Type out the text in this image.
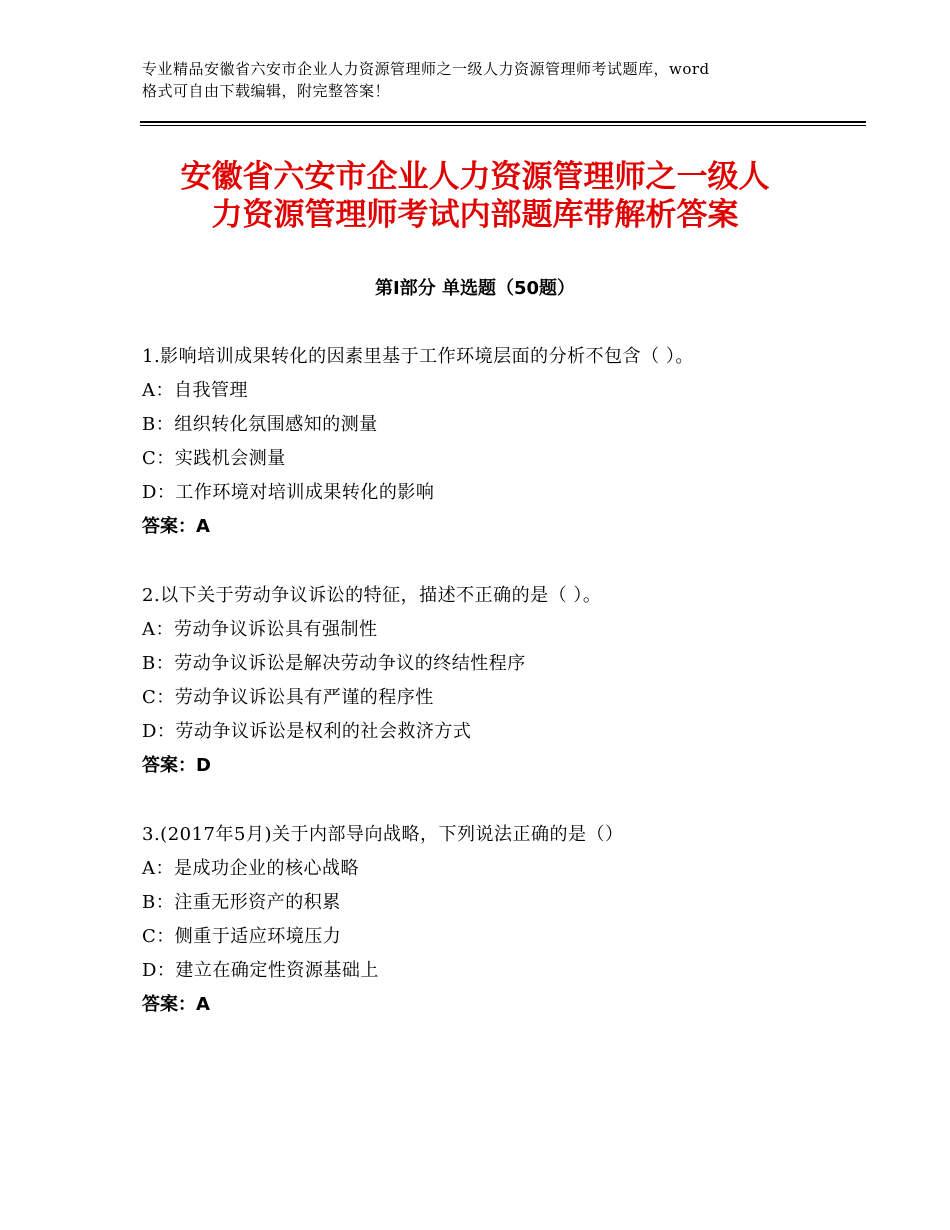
专业精品安徽省六安市企业人力资源管理师之一级人力资源管理师考试题库，word
格式可自由下载编辑，附完整答案！
安徽省六安市企业人力资源管理师之一级人
力资源管理师考试内部题库带解析答案
第Ⅰ部分 单选题（50题）
1.影响培训成果转化的因素里基于工作环境层面的分析不包含（ ）。
A：自我管理
B：组织转化氛围感知的测量
C：实践机会测量
D：工作环境对培训成果转化的影响
答案：A
2.以下关于劳动争议诉讼的特征，描述不正确的是（ ）。
A：劳动争议诉讼具有强制性
B：劳动争议诉讼是解决劳动争议的终结性程序
C：劳动争议诉讼具有严谨的程序性
D：劳动争议诉讼是权利的社会救济方式
答案：D
3.(2017年5月)关于内部导向战略，下列说法正确的是（）
A：是成功企业的核心战略
B：注重无形资产的积累
C：侧重于适应环境压力
D：建立在确定性资源基础上
答案：A
